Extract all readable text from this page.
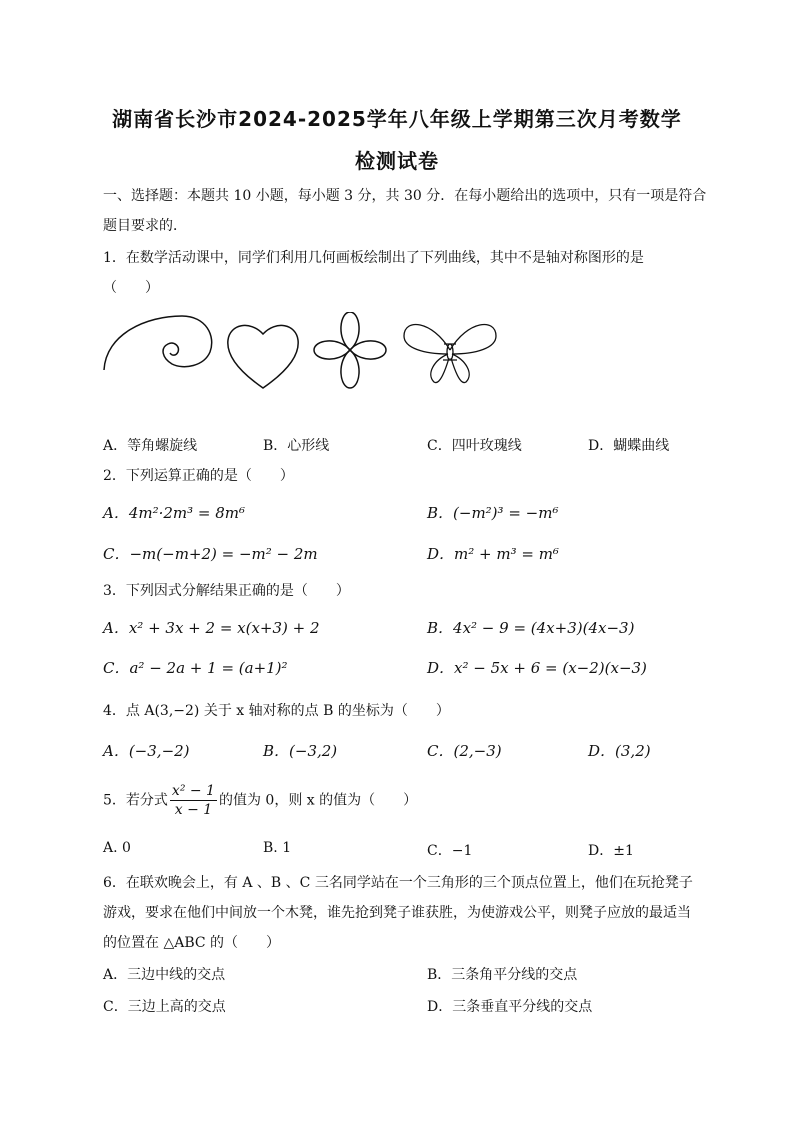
湖南省长沙市2024-2025学年八年级上学期第三次月考数学
检测试卷
一、选择题：本题共 10 小题，每小题 3 分，共 30 分．在每小题给出的选项中，只有一项是符合
题目要求的．
1．在数学活动课中，同学们利用几何画板绘制出了下列曲线，其中不是轴对称图形的是
（　　）
A．等角螺旋线	B．心形线	C．四叶玫瑰线	D．蝴蝶曲线
2．下列运算正确的是（　　）
A．4m²·2m³ = 8m⁶	B．(−m²)³ = −m⁶
C．−m(−m+2) = −m² − 2m	D．m² + m³ = m⁶
3．下列因式分解结果正确的是（　　）
A．x² + 3x + 2 = x(x+3) + 2	B．4x² − 9 = (4x+3)(4x−3)
C．a² − 2a + 1 = (a+1)²	D．x² − 5x + 6 = (x−2)(x−3)
4．点 A(3,−2) 关于 x 轴对称的点 B 的坐标为（　　）
A．(−3,−2)	B．(−3,2)	C．(2,−3)	D．(3,2)
5．若分式 $\frac{\text{x² − 1}}{x - 1}$ 的值为 0，则 x 的值为（　　）
A. 0	B. 1	C．−1	D．±1
6．在联欢晚会上，有 A 、B 、C 三名同学站在一个三角形的三个顶点位置上，他们在玩抢凳子
游戏，要求在他们中间放一个木凳，谁先抢到凳子谁获胜，为使游戏公平，则凳子应放的最适当
的位置在 △ABC 的（　　）
A．三边中线的交点	B．三条角平分线的交点
C．三边上高的交点	D．三条垂直平分线的交点
